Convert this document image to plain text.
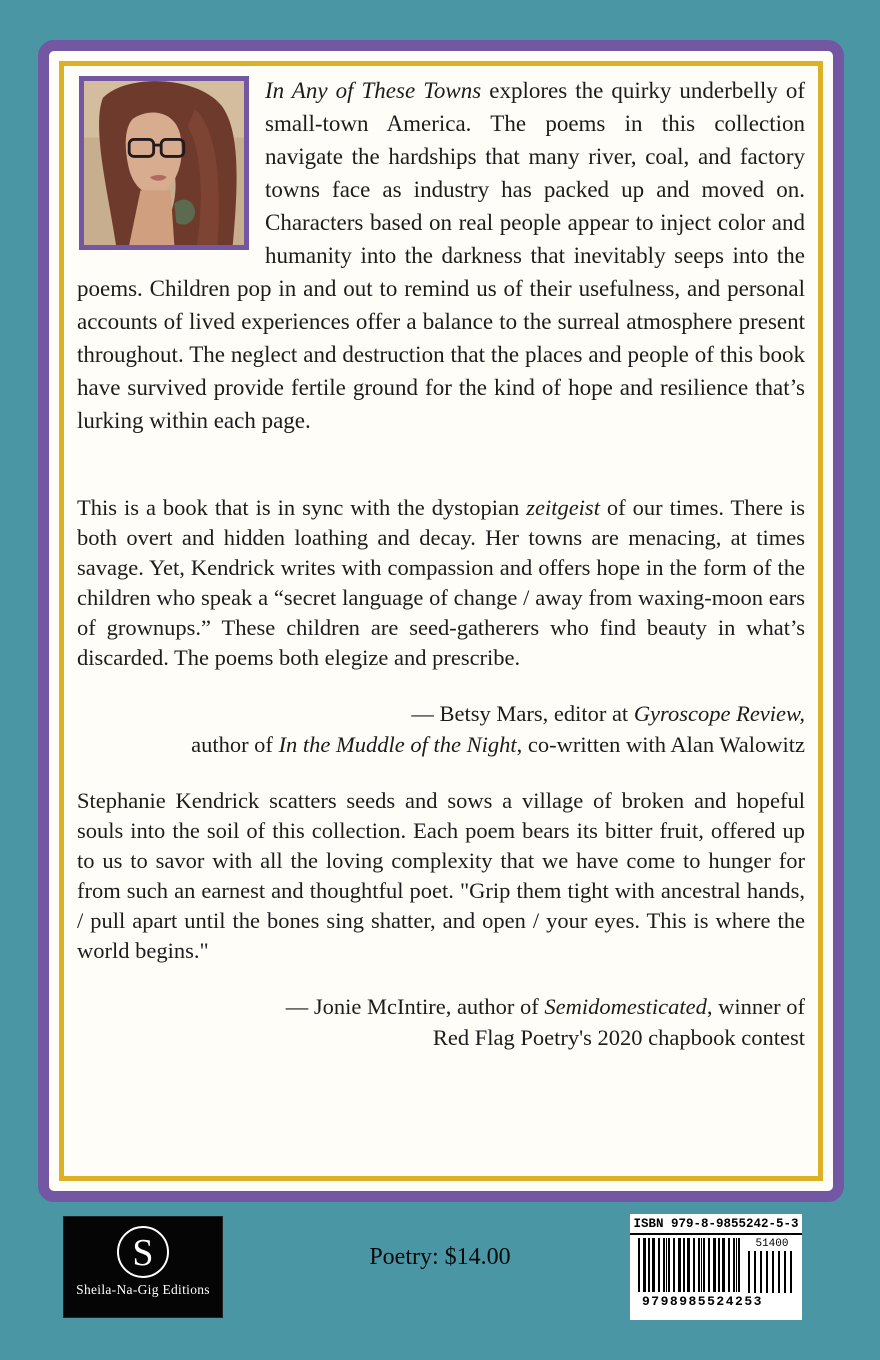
In Any of These Towns explores the quirky underbelly of small-town America. The poems in this collection navigate the hardships that many river, coal, and factory towns face as industry has packed up and moved on. Characters based on real people appear to inject color and humanity into the darkness that inevitably seeps into the poems. Children pop in and out to remind us of their usefulness, and personal accounts of lived experiences offer a balance to the surreal atmosphere present throughout. The neglect and destruction that the places and people of this book have survived provide fertile ground for the kind of hope and resilience that’s lurking within each page.

This is a book that is in sync with the dystopian zeitgeist of our times. There is both overt and hidden loathing and decay. Her towns are menacing, at times savage. Yet, Kendrick writes with compassion and offers hope in the form of the children who speak a “secret language of change / away from waxing-moon ears of grownups.” These children are seed-gatherers who find beauty in what’s discarded. The poems both elegize and prescribe.

— Betsy Mars, editor at Gyroscope Review,
author of In the Muddle of the Night, co-written with Alan Walowitz

Stephanie Kendrick scatters seeds and sows a village of broken and hopeful souls into the soil of this collection. Each poem bears its bitter fruit, offered up to us to savor with all the loving complexity that we have come to hunger for from such an earnest and thoughtful poet. "Grip them tight with ancestral hands, / pull apart until the bones sing shatter, and open / your eyes. This is where the world begins."

— Jonie McIntire, author of Semidomesticated, winner of
Red Flag Poetry's 2020 chapbook contest

S
Sheila-Na-Gig Editions
Poetry: $14.00
ISBN 979-8-9855242-5-3
51400
9798985524253
